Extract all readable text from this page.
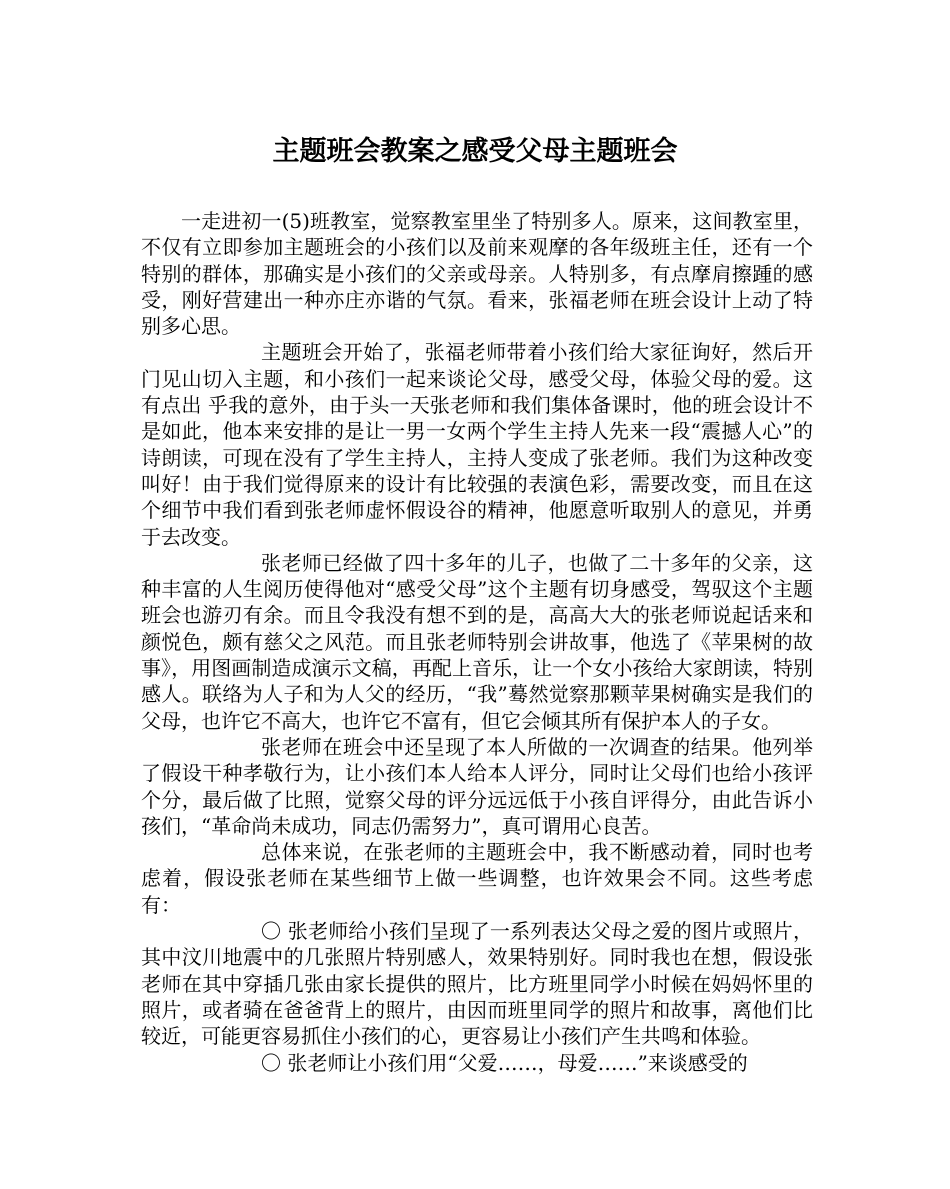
主题班会教案之感受父母主题班会

一走进初一(5)班教室，觉察教室里坐了特别多人。原来，这间教室里，不仅有立即参加主题班会的小孩们以及前来观摩的各年级班主任，还有一个特别的群体，那确实是小孩们的父亲或母亲。人特别多，有点摩肩擦踵的感受，刚好营建出一种亦庄亦谐的气氛。看来，张福老师在班会设计上动了特别多心思。

主题班会开始了，张福老师带着小孩们给大家征询好，然后开门见山切入主题，和小孩们一起来谈论父母，感受父母，体验父母的爱。这有点出 乎我的意外，由于头一天张老师和我们集体备课时，他的班会设计不是如此，他本来安排的是让一男一女两个学生主持人先来一段“震撼人心”的诗朗读，可现在没有了学生主持人，主持人变成了张老师。我们为这种改变叫好！由于我们觉得原来的设计有比较强的表演色彩，需要改变，而且在这个细节中我们看到张老师虚怀假设谷的精神，他愿意听取别人的意见，并勇于去改变。

张老师已经做了四十多年的儿子，也做了二十多年的父亲，这种丰富的人生阅历使得他对“感受父母”这个主题有切身感受，驾驭这个主题班会也游刃有余。而且令我没有想不到的是，高高大大的张老师说起话来和颜悦色，颇有慈父之风范。而且张老师特别会讲故事，他选了《苹果树的故事》，用图画制造成演示文稿，再配上音乐，让一个女小孩给大家朗读，特别感人。联络为人子和为人父的经历，“我”蓦然觉察那颗苹果树确实是我们的父母，也许它不高大，也许它不富有，但它会倾其所有保护本人的子女。

张老师在班会中还呈现了本人所做的一次调查的结果。他列举了假设干种孝敬行为，让小孩们本人给本人评分，同时让父母们也给小孩评个分，最后做了比照，觉察父母的评分远远低于小孩自评得分，由此告诉小孩们，“革命尚未成功，同志仍需努力”，真可谓用心良苦。

总体来说，在张老师的主题班会中，我不断感动着，同时也考虑着，假设张老师在某些细节上做一些调整，也许效果会不同。这些考虑有：

〇 张老师给小孩们呈现了一系列表达父母之爱的图片或照片，其中汶川地震中的几张照片特别感人，效果特别好。同时我也在想，假设张老师在其中穿插几张由家长提供的照片，比方班里同学小时候在妈妈怀里的照片，或者骑在爸爸背上的照片，由因而班里同学的照片和故事，离他们比较近，可能更容易抓住小孩们的心，更容易让小孩们产生共鸣和体验。

〇 张老师让小孩们用“父爱……，母爱……”来谈感受的
